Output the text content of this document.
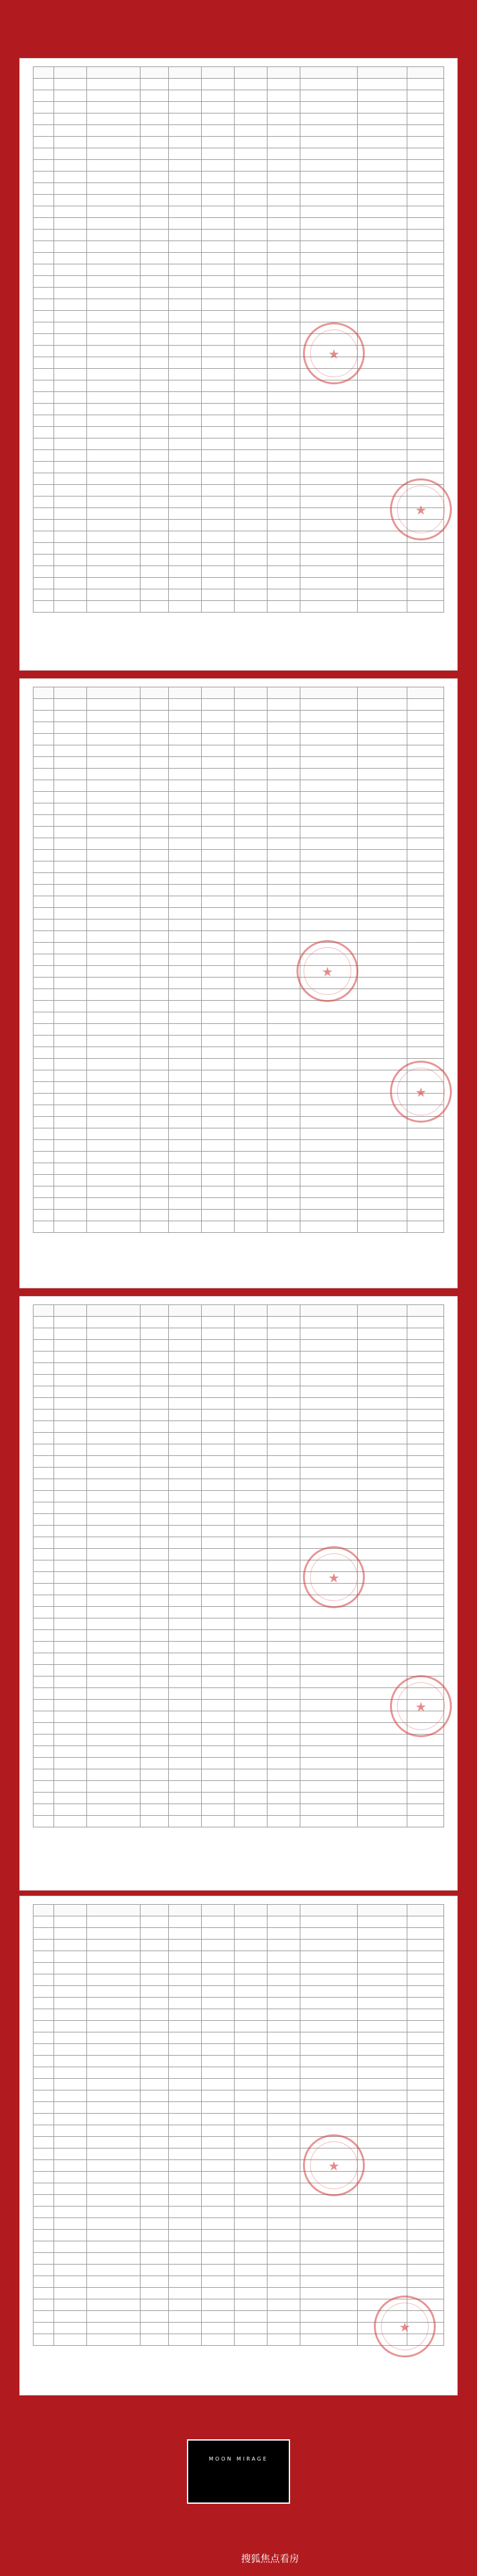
★
★

★
★

★
★

★
★
MOON MIRAGE
搜狐焦点看房
